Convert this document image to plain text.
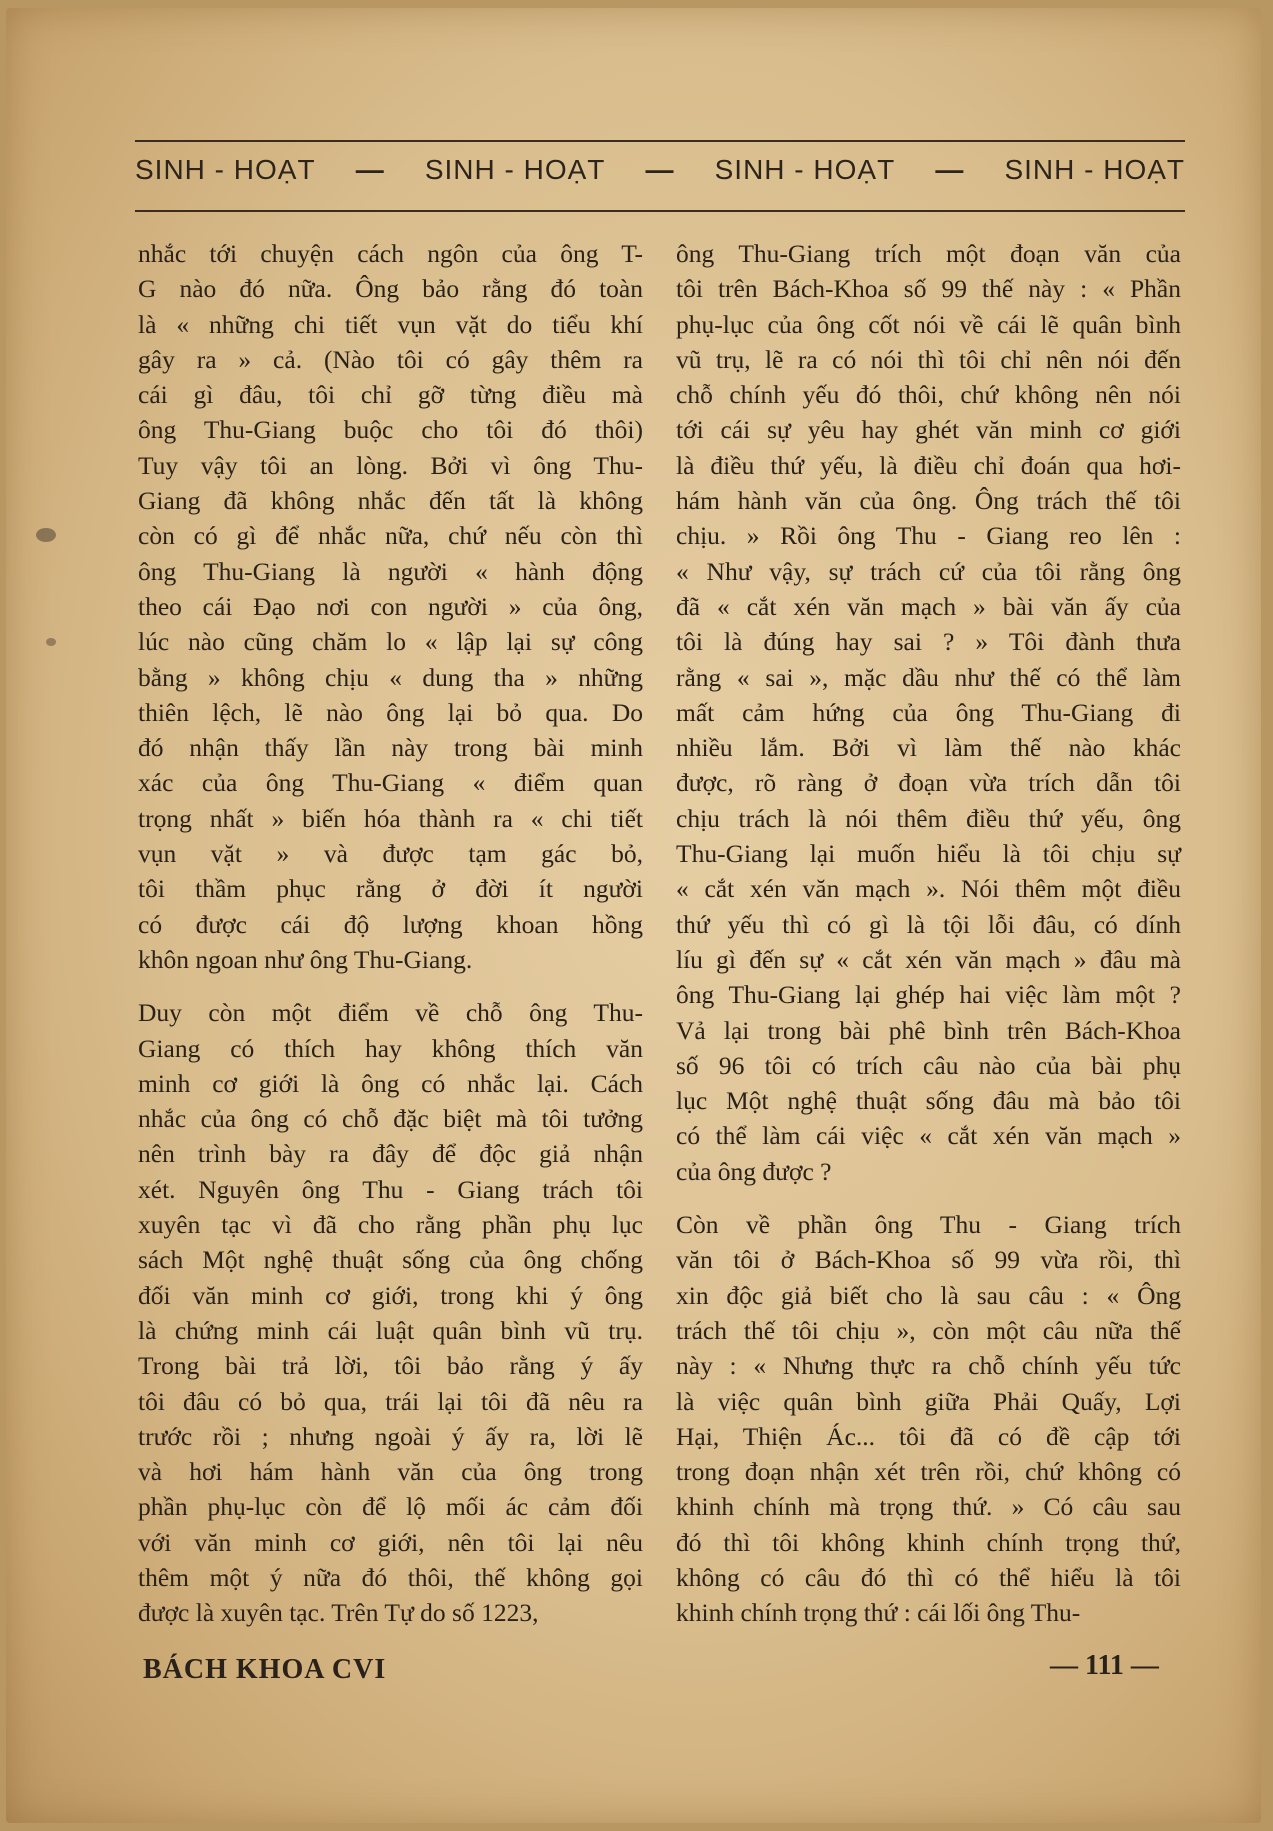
SINH - HOẠT — SINH - HOẠT — SINH - HOẠT — SINH - HOẠT

nhắc tới chuyện cách ngôn của ông T-

G nào đó nữa. Ông bảo rằng đó toàn

là « những chi tiết vụn vặt do tiểu khí

gây ra » cả. (Nào tôi có gây thêm ra

cái gì đâu, tôi chỉ gỡ từng điều mà

ông Thu-Giang buộc cho tôi đó thôi)

Tuy vậy tôi an lòng. Bởi vì ông Thu-

Giang đã không nhắc đến tất là không

còn có gì để nhắc nữa, chứ nếu còn thì

ông Thu-Giang là người « hành động

theo cái Đạo nơi con người » của ông,

lúc nào cũng chăm lo « lập lại sự công

bằng » không chịu « dung tha » những

thiên lệch, lẽ nào ông lại bỏ qua. Do

đó nhận thấy lần này trong bài minh

xác của ông Thu-Giang « điểm quan

trọng nhất » biến hóa thành ra « chi tiết

vụn vặt » và được tạm gác bỏ,

tôi thầm phục rằng ở đời ít người

có được cái độ lượng khoan hồng

khôn ngoan như ông Thu-Giang.

Duy còn một điểm về chỗ ông Thu-

Giang có thích hay không thích văn

minh cơ giới là ông có nhắc lại. Cách

nhắc của ông có chỗ đặc biệt mà tôi tưởng

nên trình bày ra đây để độc giả nhận

xét. Nguyên ông Thu - Giang trách tôi

xuyên tạc vì đã cho rằng phần phụ lục

sách Một nghệ thuật sống của ông chống

đối văn minh cơ giới, trong khi ý ông

là chứng minh cái luật quân bình vũ trụ.

Trong bài trả lời, tôi bảo rằng ý ấy

tôi đâu có bỏ qua, trái lại tôi đã nêu ra

trước rồi ; nhưng ngoài ý ấy ra, lời lẽ

và hơi hám hành văn của ông trong

phần phụ-lục còn để lộ mối ác cảm đối

với văn minh cơ giới, nên tôi lại nêu

thêm một ý nữa đó thôi, thế không gọi

được là xuyên tạc. Trên Tự do số 1223,

ông Thu-Giang trích một đoạn văn của

tôi trên Bách-Khoa số 99 thế này : « Phần

phụ-lục của ông cốt nói về cái lẽ quân bình

vũ trụ, lẽ ra có nói thì tôi chỉ nên nói đến

chỗ chính yếu đó thôi, chứ không nên nói

tới cái sự yêu hay ghét văn minh cơ giới

là điều thứ yếu, là điều chỉ đoán qua hơi-

hám hành văn của ông. Ông trách thế tôi

chịu. » Rồi ông Thu - Giang reo lên :

« Như vậy, sự trách cứ của tôi rằng ông

đã « cắt xén văn mạch » bài văn ấy của

tôi là đúng hay sai ? » Tôi đành thưa

rằng « sai », mặc dầu như thế có thể làm

mất cảm hứng của ông Thu-Giang đi

nhiều lắm. Bởi vì làm thế nào khác

được, rõ ràng ở đoạn vừa trích dẫn tôi

chịu trách là nói thêm điều thứ yếu, ông

Thu-Giang lại muốn hiểu là tôi chịu sự

« cắt xén văn mạch ». Nói thêm một điều

thứ yếu thì có gì là tội lỗi đâu, có dính

líu gì đến sự « cắt xén văn mạch » đâu mà

ông Thu-Giang lại ghép hai việc làm một ?

Vả lại trong bài phê bình trên Bách-Khoa

số 96 tôi có trích câu nào của bài phụ

lục Một nghệ thuật sống đâu mà bảo tôi

có thể làm cái việc « cắt xén văn mạch »

của ông được ?

Còn về phần ông Thu - Giang trích

văn tôi ở Bách-Khoa số 99 vừa rồi, thì

xin độc giả biết cho là sau câu : « Ông

trách thế tôi chịu », còn một câu nữa thế

này : « Nhưng thực ra chỗ chính yếu tức

là việc quân bình giữa Phải Quấy, Lợi

Hại, Thiện Ác... tôi đã có đề cập tới

trong đoạn nhận xét trên rồi, chứ không có

khinh chính mà trọng thứ. » Có câu sau

đó thì tôi không khinh chính trọng thứ,

không có câu đó thì có thể hiểu là tôi

khinh chính trọng thứ : cái lối ông Thu-

BÁCH KHOA CVI	— 111 —
